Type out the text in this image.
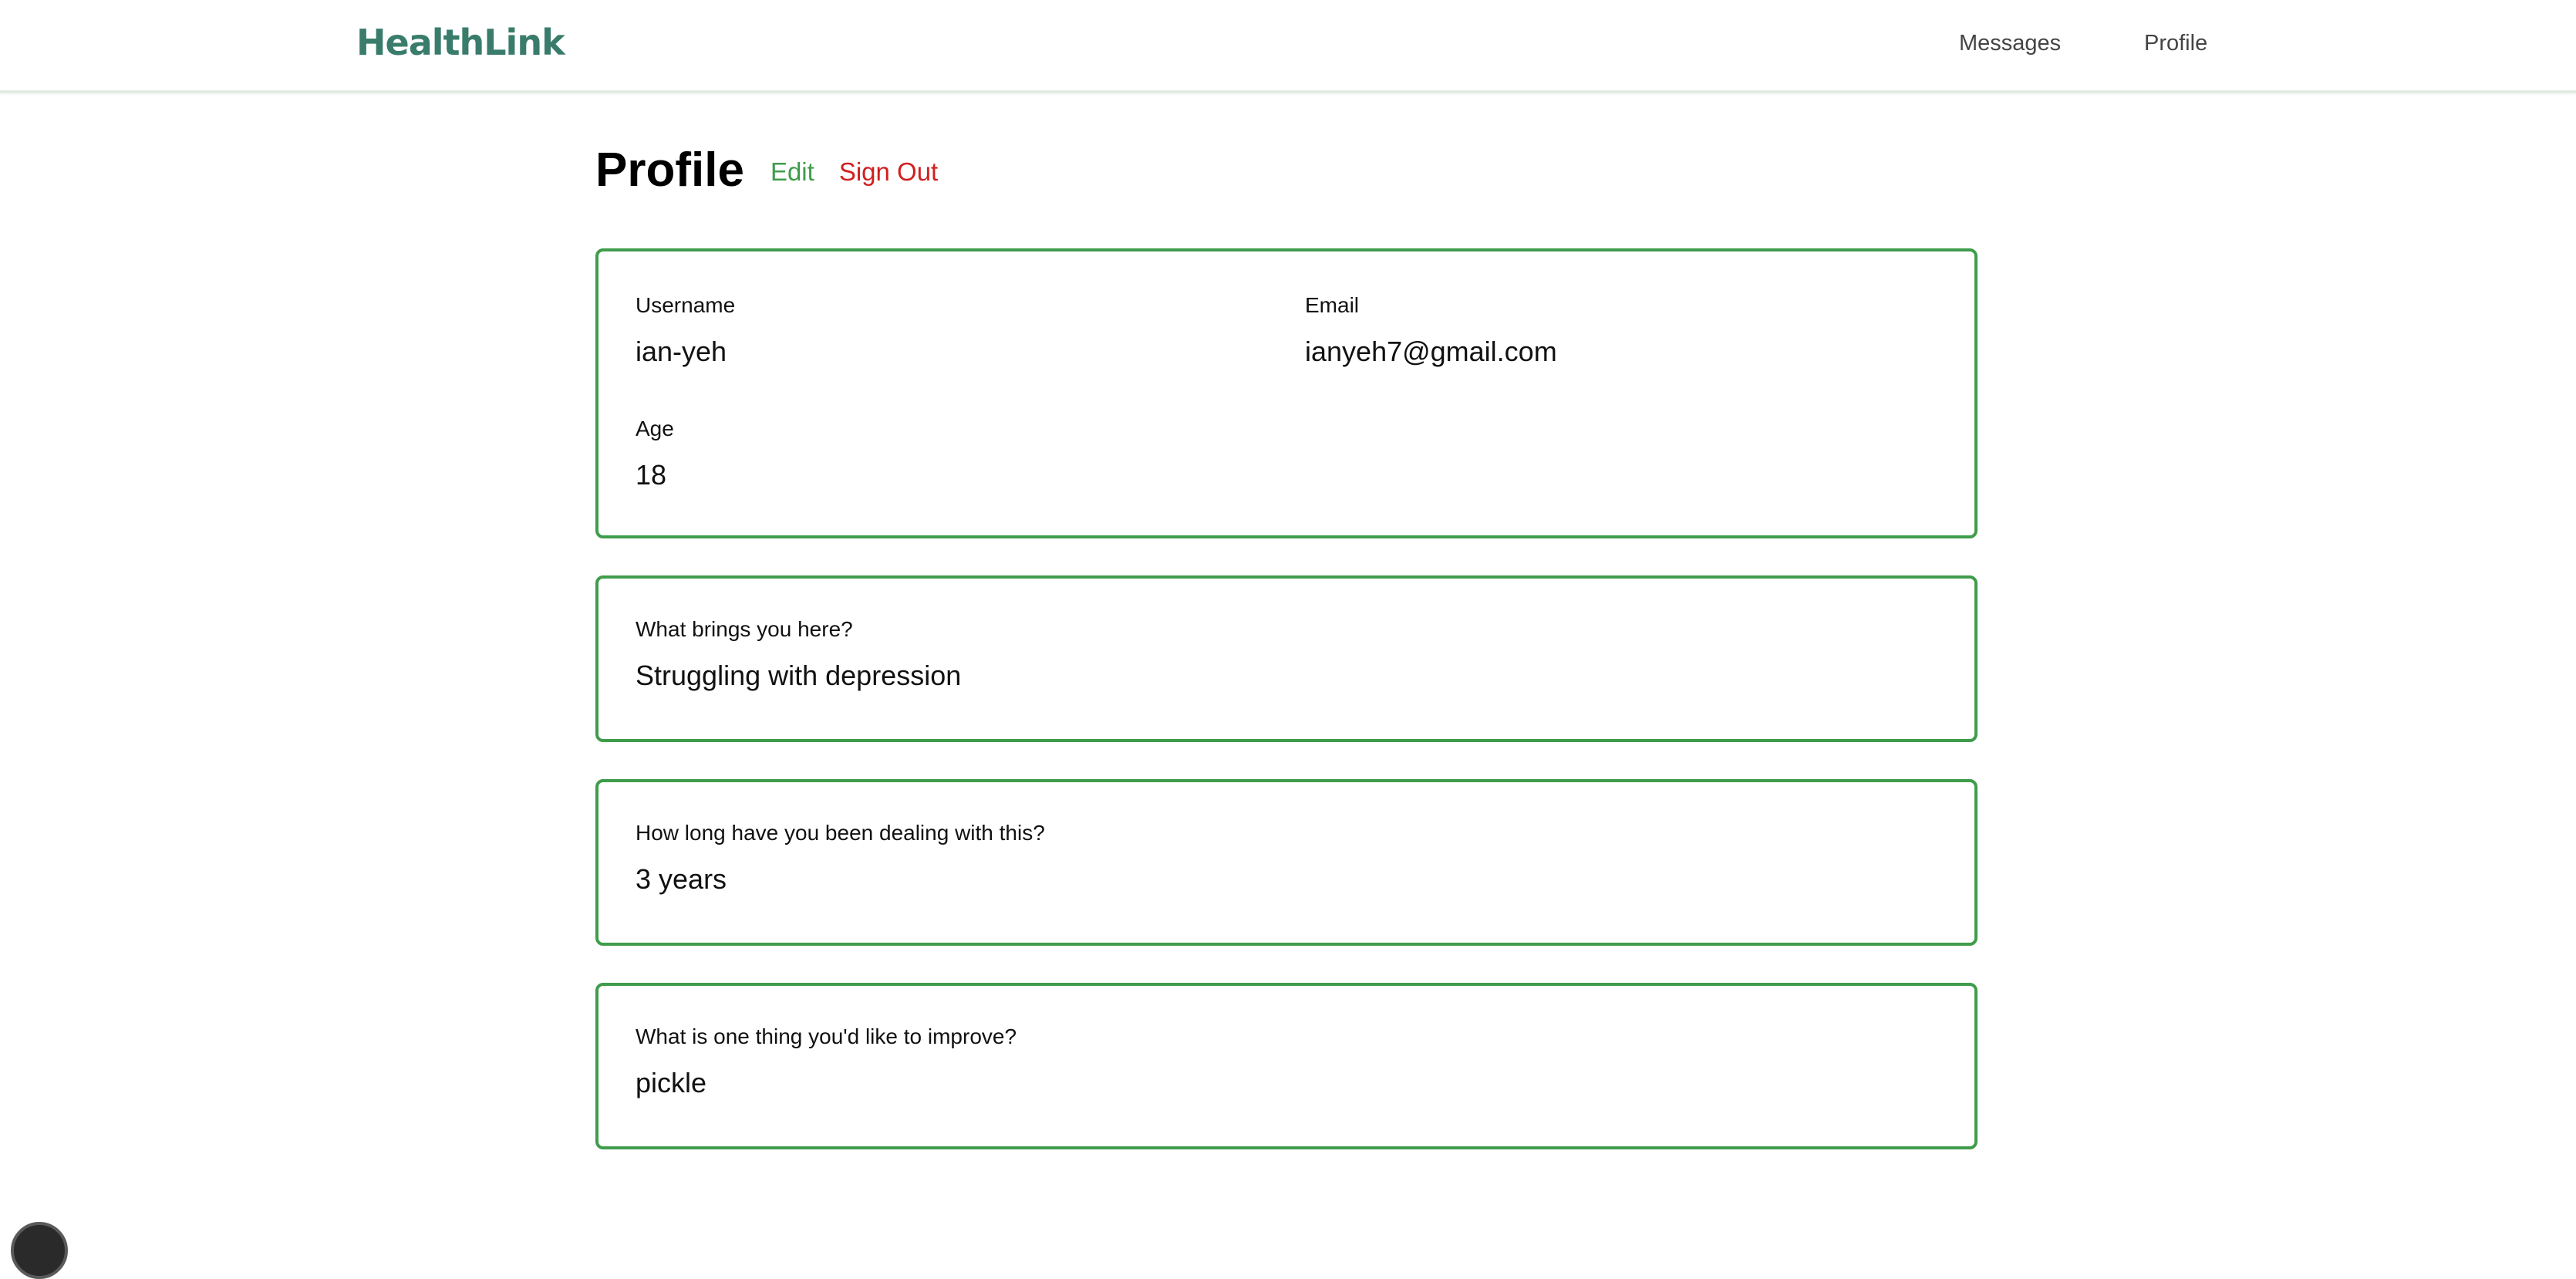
HealthLink	Messages	Profile
Profile Edit Sign Out
Username
ian-yeh
Email
ianyeh7@gmail.com
Age
18
What brings you here?
Struggling with depression
How long have you been dealing with this?
3 years
What is one thing you'd like to improve?
pickle
